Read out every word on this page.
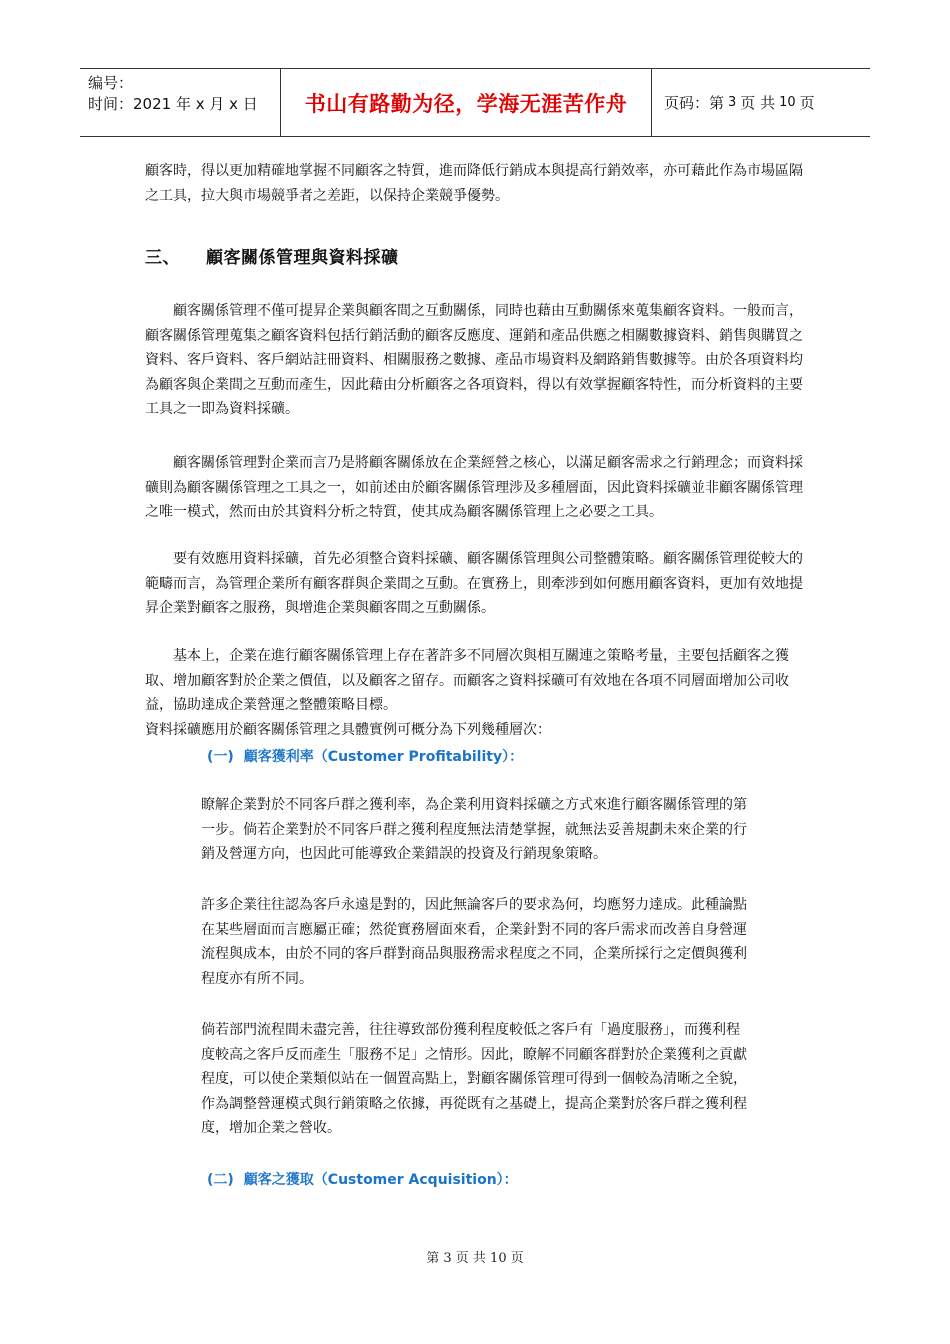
编号：
时间：2021 年 x 月 x 日	书山有路勤为径，学海无涯苦作舟	页码：第 3 页 共 10 页

顧客時，得以更加精確地掌握不同顧客之特質，進而降低行銷成本與提高行銷效率，亦可藉此作為市場區隔之工具，拉大與市場競爭者之差距，以保持企業競爭優勢。

三、 顧客關係管理與資料採礦

顧客關係管理不僅可提昇企業與顧客間之互動關係，同時也藉由互動關係來蒐集顧客資料。一般而言，顧客關係管理蒐集之顧客資料包括行銷活動的顧客反應度、運銷和產品供應之相關數據資料、銷售與購買之資料、客戶資料、客戶網站註冊資料、相關服務之數據、產品市場資料及網路銷售數據等。由於各項資料均為顧客與企業間之互動而產生，因此藉由分析顧客之各項資料，得以有效掌握顧客特性，而分析資料的主要工具之一即為資料採礦。

顧客關係管理對企業而言乃是將顧客關係放在企業經營之核心，以滿足顧客需求之行銷理念；而資料採礦則為顧客關係管理之工具之一，如前述由於顧客關係管理涉及多種層面，因此資料採礦並非顧客關係管理之唯一模式，然而由於其資料分析之特質，使其成為顧客關係管理上之必要之工具。

要有效應用資料採礦，首先必須整合資料採礦、顧客關係管理與公司整體策略。顧客關係管理從較大的範疇而言，為管理企業所有顧客群與企業間之互動。在實務上，則牽涉到如何應用顧客資料，更加有效地提昇企業對顧客之服務，與增進企業與顧客間之互動關係。

基本上，企業在進行顧客關係管理上存在著許多不同層次與相互關連之策略考量，主要包括顧客之獲取、增加顧客對於企業之價值，以及顧客之留存。而顧客之資料採礦可有效地在各項不同層面增加公司收益，協助達成企業營運之整體策略目標。

資料採礦應用於顧客關係管理之具體實例可概分為下列幾種層次：

(一) 顧客獲利率（Customer Profitability）：

瞭解企業對於不同客戶群之獲利率，為企業利用資料採礦之方式來進行顧客關係管理的第一步。倘若企業對於不同客戶群之獲利程度無法清楚掌握，就無法妥善規劃未來企業的行銷及營運方向，也因此可能導致企業錯誤的投資及行銷現象策略。

許多企業往往認為客戶永遠是對的，因此無論客戶的要求為何，均應努力達成。此種論點在某些層面而言應屬正確；然從實務層面來看，企業針對不同的客戶需求而改善自身營運流程與成本，由於不同的客戶群對商品與服務需求程度之不同，企業所採行之定價與獲利程度亦有所不同。

倘若部門流程間未盡完善，往往導致部份獲利程度較低之客戶有「過度服務」，而獲利程度較高之客戶反而產生「服務不足」之情形。因此，瞭解不同顧客群對於企業獲利之貢獻程度，可以使企業類似站在一個置高點上，對顧客關係管理可得到一個較為清晰之全貌，作為調整營運模式與行銷策略之依據，再從既有之基礎上，提高企業對於客戶群之獲利程度，增加企業之營收。

(二) 顧客之獲取（Customer Acquisition）：
第 3 页 共 10 页
